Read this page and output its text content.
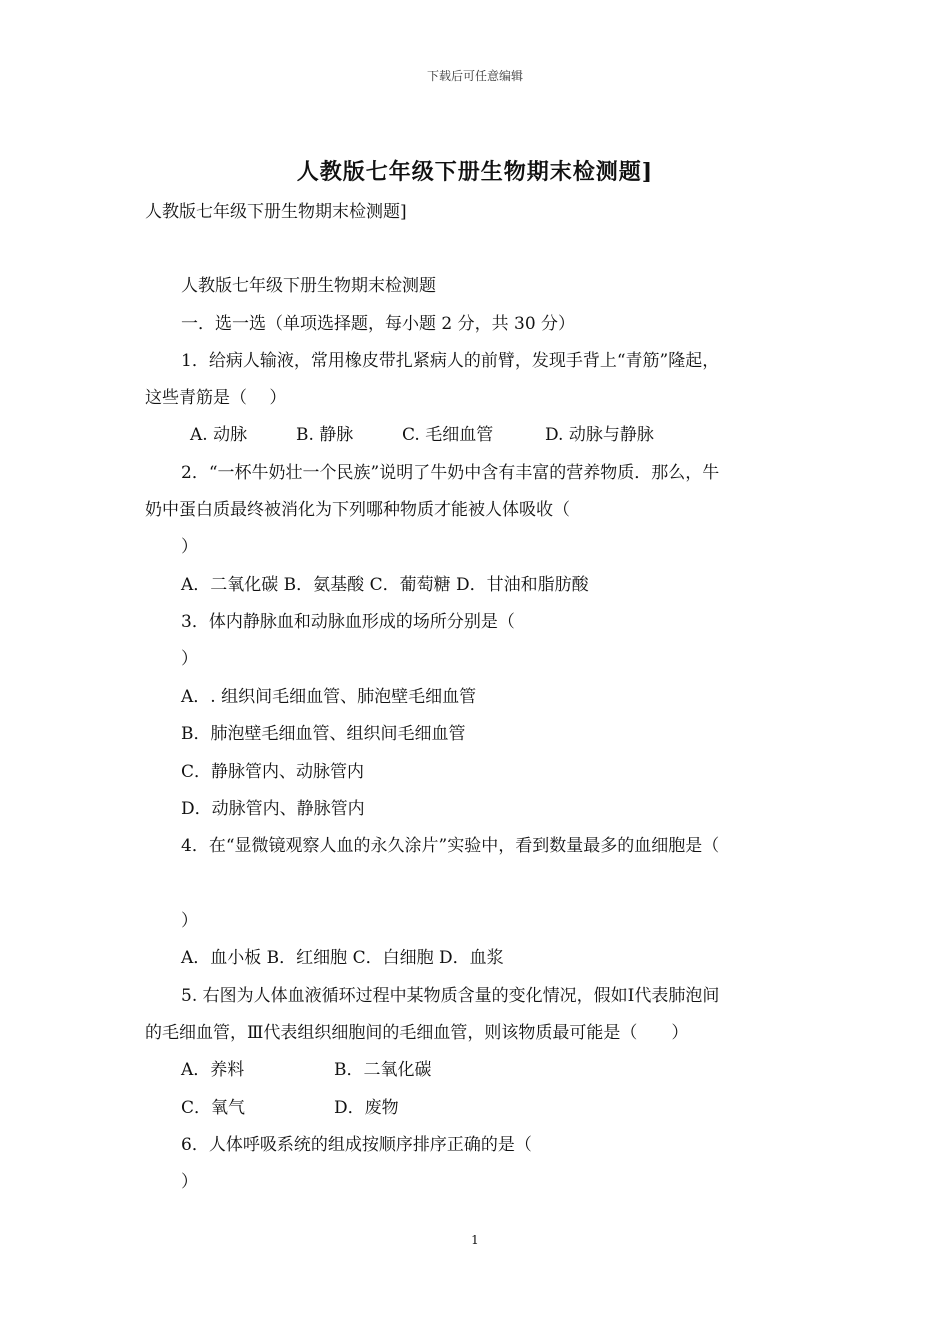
下载后可任意编辑
人教版七年级下册生物期末检测题]
人教版七年级下册生物期末检测题]
人教版七年级下册生物期末检测题
一．选一选（单项选择题，每小题 2 分，共 30 分）
1．给病人输液，常用橡皮带扎紧病人的前臂，发现手背上“青筋”隆起，
这些青筋是（　 ）
A. 动脉	B. 静脉	C. 毛细血管	D. 动脉与静脉
2．“一杯牛奶壮一个民族”说明了牛奶中含有丰富的营养物质．那么，牛
奶中蛋白质最终被消化为下列哪种物质才能被人体吸收（
）
A．二氧化碳 B．氨基酸 C．葡萄糖 D．甘油和脂肪酸
3．体内静脉血和动脉血形成的场所分别是（
）
A．. 组织间毛细血管、肺泡壁毛细血管
B．肺泡壁毛细血管、组织间毛细血管
C．静脉管内、动脉管内
D．动脉管内、静脉管内
4．在“显微镜观察人血的永久涂片”实验中，看到数量最多的血细胞是（
）
A．血小板 B．红细胞 C．白细胞 D．血浆
5. 右图为人体血液循环过程中某物质含量的变化情况，假如Ⅰ代表肺泡间
的毛细血管，Ⅲ代表组织细胞间的毛细血管，则该物质最可能是（　　）
A．养料	B．二氧化碳
C．氧气	D．废物
6．人体呼吸系统的组成按顺序排序正确的是（
）
1
